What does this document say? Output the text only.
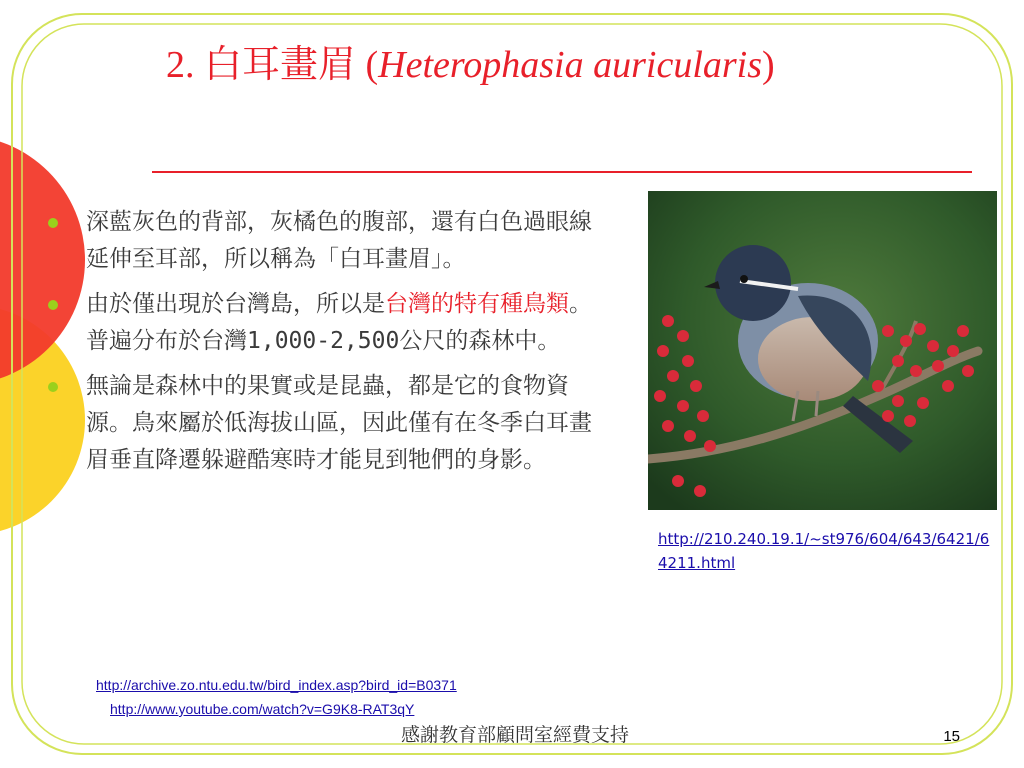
2. 白耳畫眉 (Heterophasia auricularis)
深藍灰色的背部，灰橘色的腹部，還有白色過眼線延伸至耳部，所以稱為「白耳畫眉」。
由於僅出現於台灣島，所以是台灣的特有種鳥類。普遍分布於台灣1,000-2,500公尺的森林中。
無論是森林中的果實或是昆蟲，都是它的食物資源。鳥來屬於低海拔山區，因此僅有在冬季白耳畫眉垂直降遷躲避酷寒時才能見到牠們的身影。
http://210.240.19.1/~st976/604/643/6421/64211.html
http://archive.zo.ntu.edu.tw/bird_index.asp?bird_id=B0371
http://www.youtube.com/watch?v=G9K8-RAT3qY
感謝教育部顧問室經費支持	15
